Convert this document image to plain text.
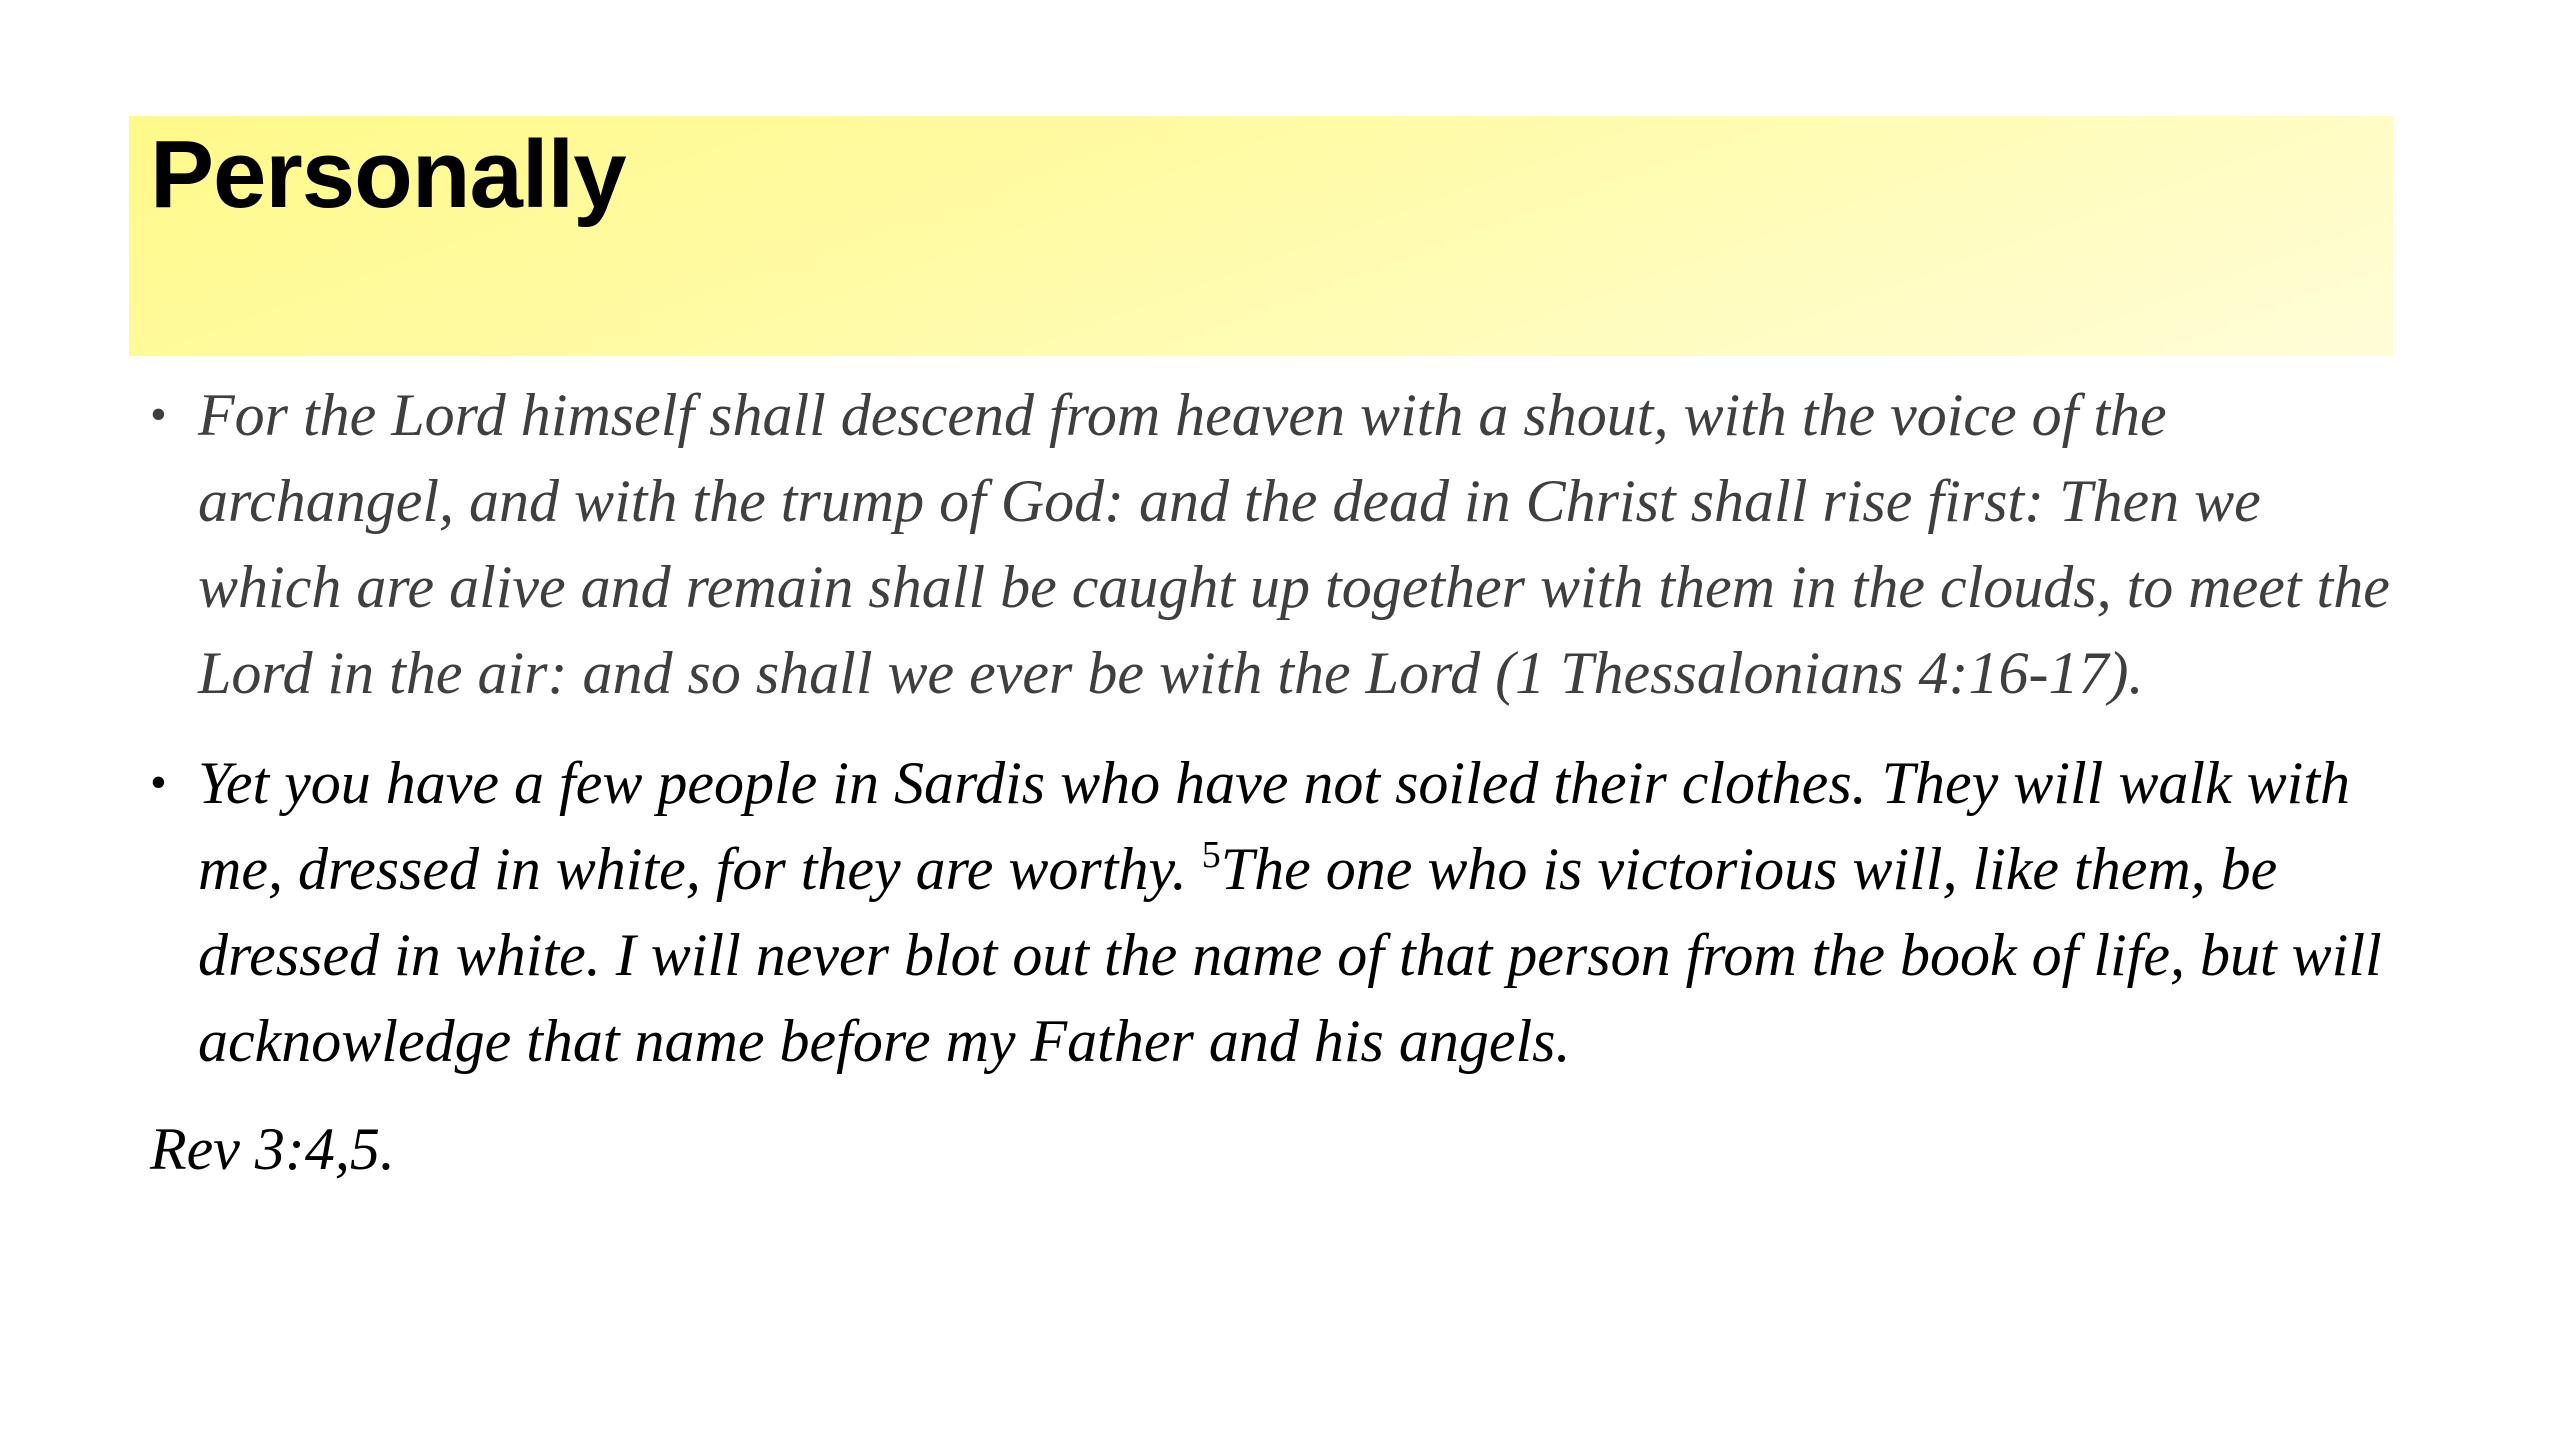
Personally
• For the Lord himself shall descend from heaven with a shout, with the voice of the archangel, and with the trump of God: and the dead in Christ shall rise first: Then we which are alive and remain shall be caught up together with them in the clouds, to meet the Lord in the air: and so shall we ever be with the Lord (1 Thessalonians 4:16-17).
• Yet you have a few people in Sardis who have not soiled their clothes. They will walk with me, dressed in white, for they are worthy. $^5$The one who is victorious will, like them, be dressed in white. I will never blot out the name of that person from the book of life, but will acknowledge that name before my Father and his angels.

Rev 3:4,5.
